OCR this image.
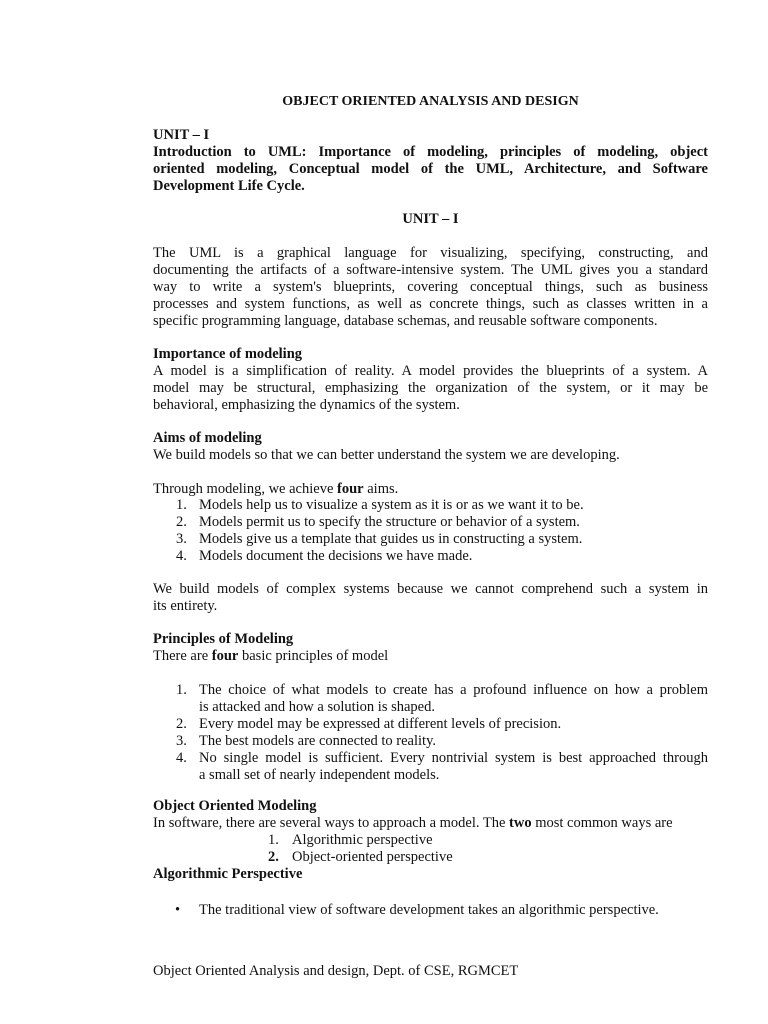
OBJECT ORIENTED ANALYSIS AND DESIGN
UNIT – I
Introduction to UML: Importance of modeling, principles of modeling, object
oriented modeling, Conceptual model of the UML, Architecture, and Software
Development Life Cycle.
UNIT – I
The UML is a graphical language for visualizing, specifying, constructing, and
documenting the artifacts of a software-intensive system. The UML gives you a standard
way to write a system's blueprints, covering conceptual things, such as business
processes and system functions, as well as concrete things, such as classes written in a
specific programming language, database schemas, and reusable software components.
Importance of modeling
A model is a simplification of reality. A model provides the blueprints of a system. A
model may be structural, emphasizing the organization of the system, or it may be
behavioral, emphasizing the dynamics of the system.
Aims of modeling
We build models so that we can better understand the system we are developing.
Through modeling, we achieve four aims.
1. Models help us to visualize a system as it is or as we want it to be.
2. Models permit us to specify the structure or behavior of a system.
3. Models give us a template that guides us in constructing a system.
4. Models document the decisions we have made.
We build models of complex systems because we cannot comprehend such a system in
its entirety.
Principles of Modeling
There are four basic principles of model
1. The choice of what models to create has a profound influence on how a problem
is attacked and how a solution is shaped.
2. Every model may be expressed at different levels of precision.
3. The best models are connected to reality.
4. No single model is sufficient. Every nontrivial system is best approached through
a small set of nearly independent models.
Object Oriented Modeling
In software, there are several ways to approach a model. The two most common ways are
1. Algorithmic perspective
2. Object-oriented perspective
Algorithmic Perspective
• The traditional view of software development takes an algorithmic perspective.
Object Oriented Analysis and design, Dept. of CSE, RGMCET
